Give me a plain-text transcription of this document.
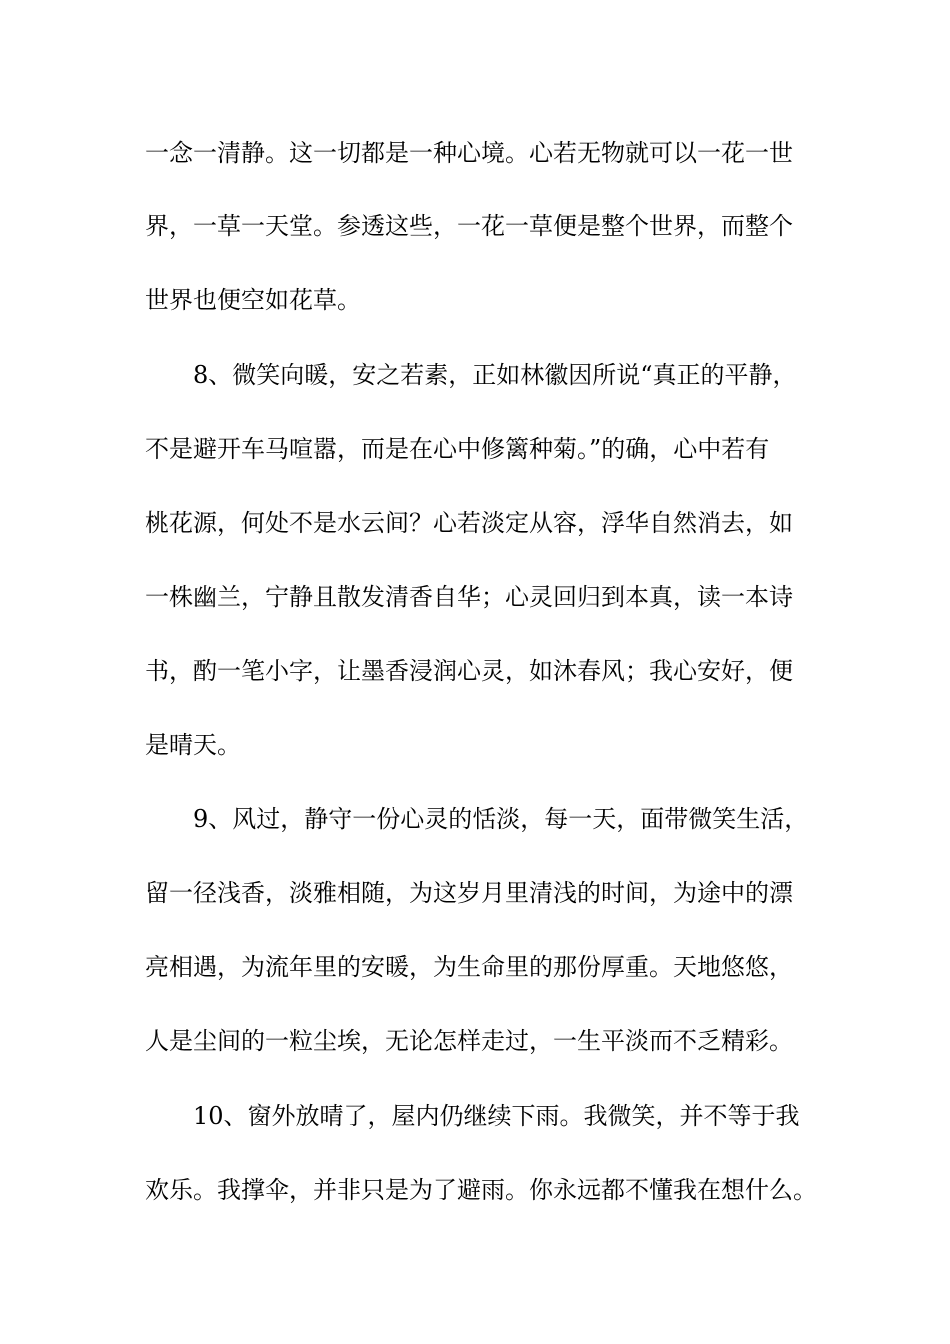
一念一清静。这一切都是一种心境。心若无物就可以一花一世
界，一草一天堂。参透这些，一花一草便是整个世界，而整个
世界也便空如花草。
8、微笑向暖，安之若素，正如林徽因所说“真正的平静，
不是避开车马喧嚣，而是在心中修篱种菊。”的确，心中若有
桃花源，何处不是水云间？心若淡定从容，浮华自然消去，如
一株幽兰，宁静且散发清香自华；心灵回归到本真，读一本诗
书，酌一笔小字，让墨香浸润心灵，如沐春风；我心安好，便
是晴天。
9、风过，静守一份心灵的恬淡，每一天，面带微笑生活，
留一径浅香，淡雅相随，为这岁月里清浅的时间，为途中的漂
亮相遇，为流年里的安暖，为生命里的那份厚重。天地悠悠，
人是尘间的一粒尘埃，无论怎样走过，一生平淡而不乏精彩。
10、窗外放晴了，屋内仍继续下雨。我微笑，并不等于我
欢乐。我撑伞，并非只是为了避雨。你永远都不懂我在想什么。
